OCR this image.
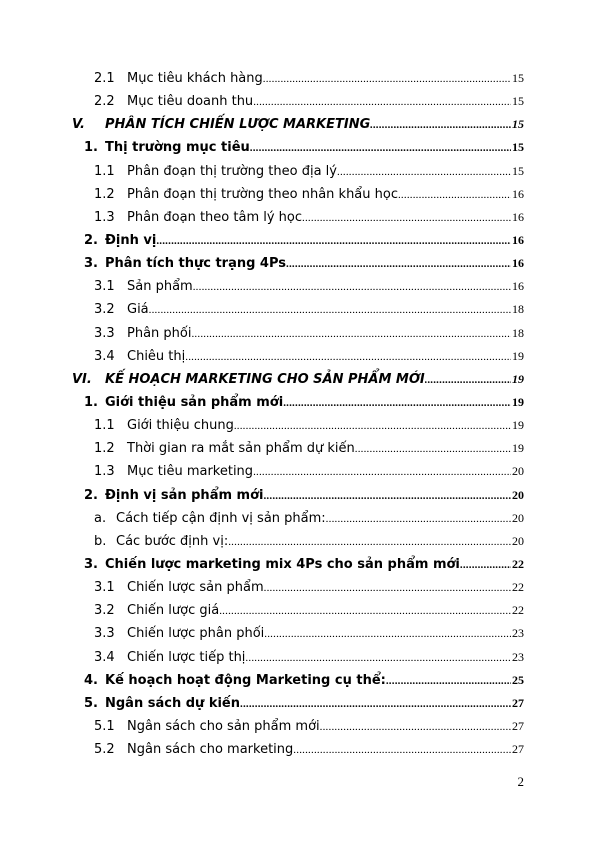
2.1 Mục tiêu khách hàng .....	15
2.2 Mục tiêu doanh thu .....	15
V.	PHÂN TÍCH CHIẾN LƯỢC MARKETING .....	15
1. Thị trường mục tiêu .....	15
1.1 Phân đoạn thị trường theo địa lý .....	15
1.2 Phân đoạn thị trường theo nhân khẩu học .....	16
1.3 Phân đoạn theo tâm lý học .....	16
2. Định vị .....	16
3. Phân tích thực trạng 4Ps .....	16
3.1 Sản phẩm .....	16
3.2 Giá .....	18
3.3 Phân phối .....	18
3.4 Chiêu thị .....	19
VI.	KẾ HOẠCH MARKETING CHO SẢN PHẨM MỚI .....	19
1. Giới thiệu sản phẩm mới .....	19
1.1 Giới thiệu chung .....	19
1.2 Thời gian ra mắt sản phẩm dự kiến .....	19
1.3 Mục tiêu marketing .....	20
2. Định vị sản phẩm mới .....	20
a. Cách tiếp cận định vị sản phẩm: .....	20
b. Các bước định vị: .....	20
3. Chiến lược marketing mix 4Ps cho sản phẩm mới .....	22
3.1 Chiến lược sản phẩm .....	22
3.2 Chiến lược giá .....	22
3.3 Chiến lược phân phối .....	23
3.4 Chiến lược tiếp thị .....	23
4. Kế hoạch hoạt động Marketing cụ thể: .....	25
5. Ngân sách dự kiến .....	27
5.1 Ngân sách cho sản phẩm mới .....	27
5.2 Ngân sách cho marketing .....	27
2
